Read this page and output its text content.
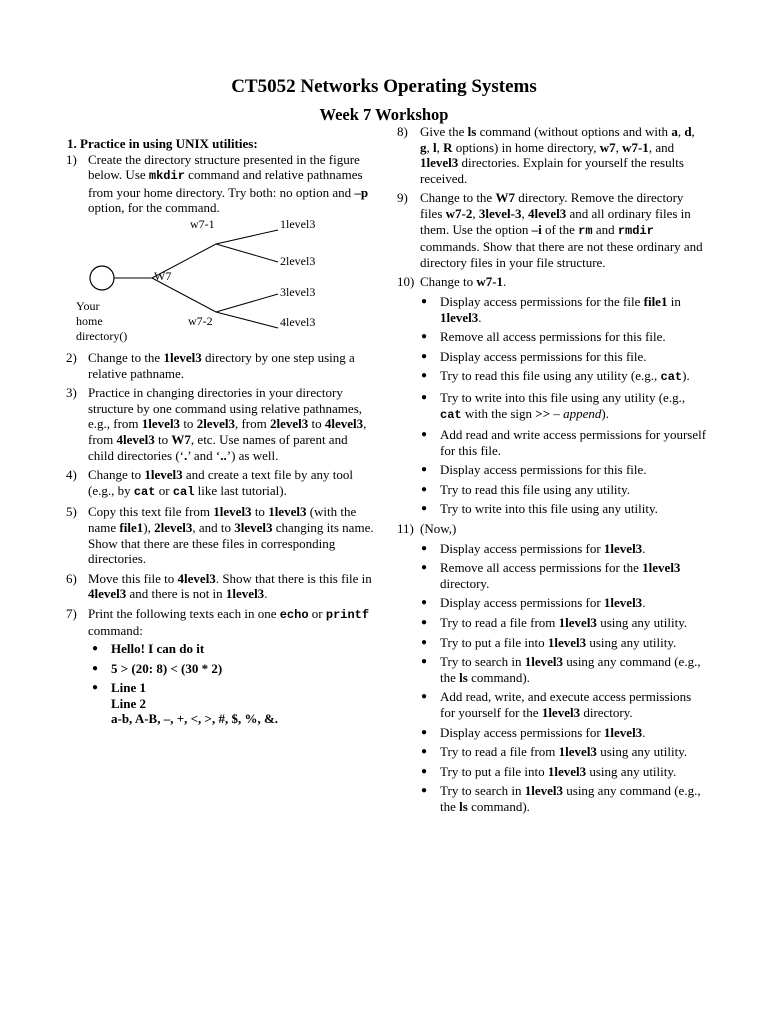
CT5052 Networks Operating Systems
Week 7 Workshop
1. Practice in using UNIX utilities:
1) Create the directory structure presented in the figure below. Use mkdir command and relative pathnames from your home directory. Try both: no option and –p option, for the command.
w7-1	1level3
2level3
W7
3level3
Your
home
directory()
w7-2	4level3
2) Change to the 1level3 directory by one step using a relative pathname.
3) Practice in changing directories in your directory structure by one command using relative pathnames, e.g., from 1level3 to 2level3, from 2level3 to 4level3, from 4level3 to W7, etc. Use names of parent and child directories (‘.’ and ‘..’) as well.
4) Change to 1level3 and create a text file by any tool (e.g., by cat or cal like last tutorial).
5) Copy this text file from 1level3 to 1level3 (with the name file1), 2level3, and to 3level3 changing its name. Show that there are these files in corresponding directories.
6) Move this file to 4level3. Show that there is this file in 4level3 and there is not in 1level3.
7) Print the following texts each in one echo or printf command:
● Hello! I can do it
● 5 > (20: 8) < (30 * 2)
● Line 1
Line 2
a-b, A-B, –, +, <, >, #, $, %, &.
8) Give the ls command (without options and with a, d, g, l, R options) in home directory, w7, w7-1, and 1level3 directories. Explain for yourself the results received.
9) Change to the W7 directory. Remove the directory files w7-2, 3level-3, 4level3 and all ordinary files in them. Use the option –i of the rm and rmdir commands. Show that there are not these ordinary and directory files in your file structure.
10) Change to w7-1.
● Display access permissions for the file file1 in 1level3.
● Remove all access permissions for this file.
● Display access permissions for this file.
● Try to read this file using any utility (e.g., cat).
● Try to write into this file using any utility (e.g., cat with the sign >> – append).
● Add read and write access permissions for yourself for this file.
● Display access permissions for this file.
● Try to read this file using any utility.
● Try to write into this file using any utility.
11) (Now,)
● Display access permissions for 1level3.
● Remove all access permissions for the 1level3 directory.
● Display access permissions for 1level3.
● Try to read a file from 1level3 using any utility.
● Try to put a file into 1level3 using any utility.
● Try to search in 1level3 using any command (e.g., the ls command).
● Add read, write, and execute access permissions for yourself for the 1level3 directory.
● Display access permissions for 1level3.
● Try to read a file from 1level3 using any utility.
● Try to put a file into 1level3 using any utility.
● Try to search in 1level3 using any command (e.g., the ls command).
